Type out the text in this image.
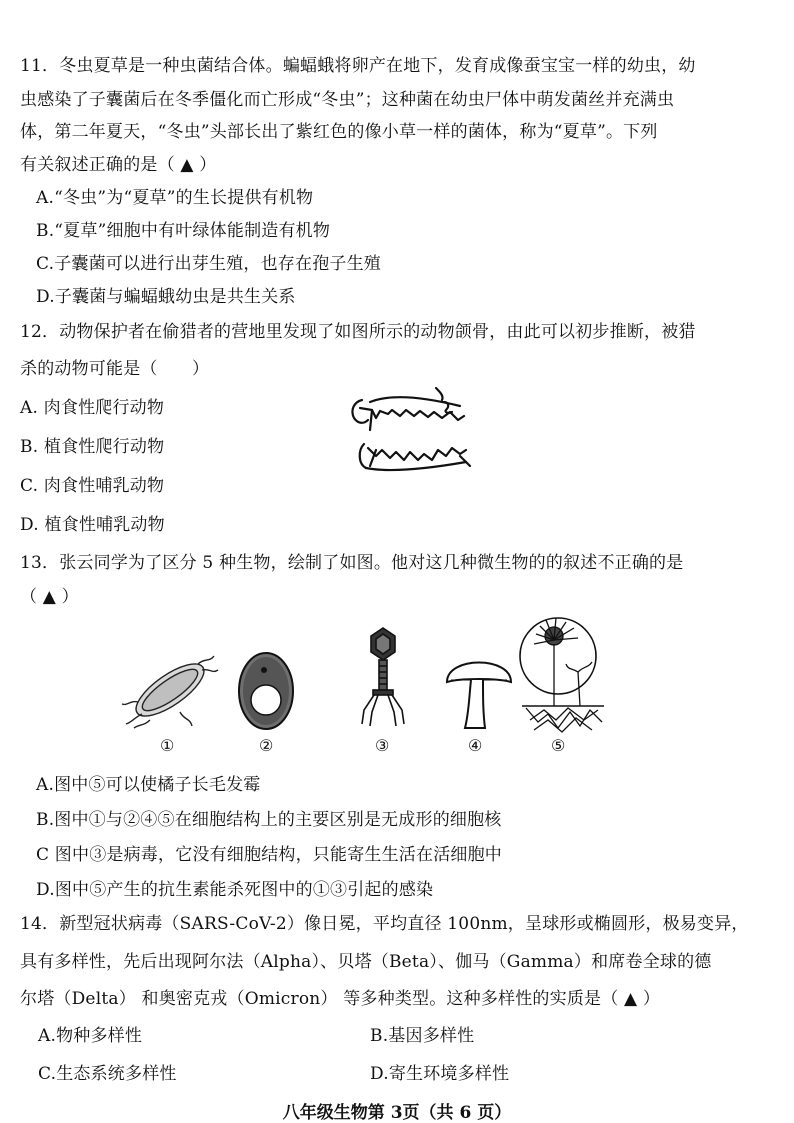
11．冬虫夏草是一种虫菌结合体。蝙蝠蛾将卵产在地下，发育成像蚕宝宝一样的幼虫，幼
虫感染了子囊菌后在冬季僵化而亡形成“冬虫”；这种菌在幼虫尸体中萌发菌丝并充满虫
体，第二年夏天，“冬虫”头部长出了紫红色的像小草一样的菌体，称为“夏草”。下列
有关叙述正确的是（ ▲ ）
A.“冬虫”为“夏草”的生长提供有机物
B.“夏草”细胞中有叶绿体能制造有机物
C.子囊菌可以进行出芽生殖，也存在孢子生殖
D.子囊菌与蝙蝠蛾幼虫是共生关系
12．动物保护者在偷猎者的营地里发现了如图所示的动物颌骨，由此可以初步推断，被猎
杀的动物可能是（　　）
A. 肉食性爬行动物
B. 植食性爬行动物
C. 肉食性哺乳动物
D. 植食性哺乳动物
13．张云同学为了区分 5 种生物，绘制了如图。他对这几种微生物的的叙述不正确的是
（ ▲ ）
①	②	③	④	⑤
A.图中⑤可以使橘子长毛发霉
B.图中①与②④⑤在细胞结构上的主要区别是无成形的细胞核
C 图中③是病毒，它没有细胞结构，只能寄生生活在活细胞中
D.图中⑤产生的抗生素能杀死图中的①③引起的感染
14．新型冠状病毒（SARS-CoV-2）像日冕，平均直径 100nm，呈球形或椭圆形，极易变异，
具有多样性，先后出现阿尔法（Alpha）、贝塔（Beta）、伽马（Gamma）和席卷全球的德
尔塔（Delta） 和奥密克戎（Omicron） 等多种类型。这种多样性的实质是（ ▲ ）
A.物种多样性	B.基因多样性
C.生态系统多样性	D.寄生环境多样性
八年级生物第 3页（共 6 页）
